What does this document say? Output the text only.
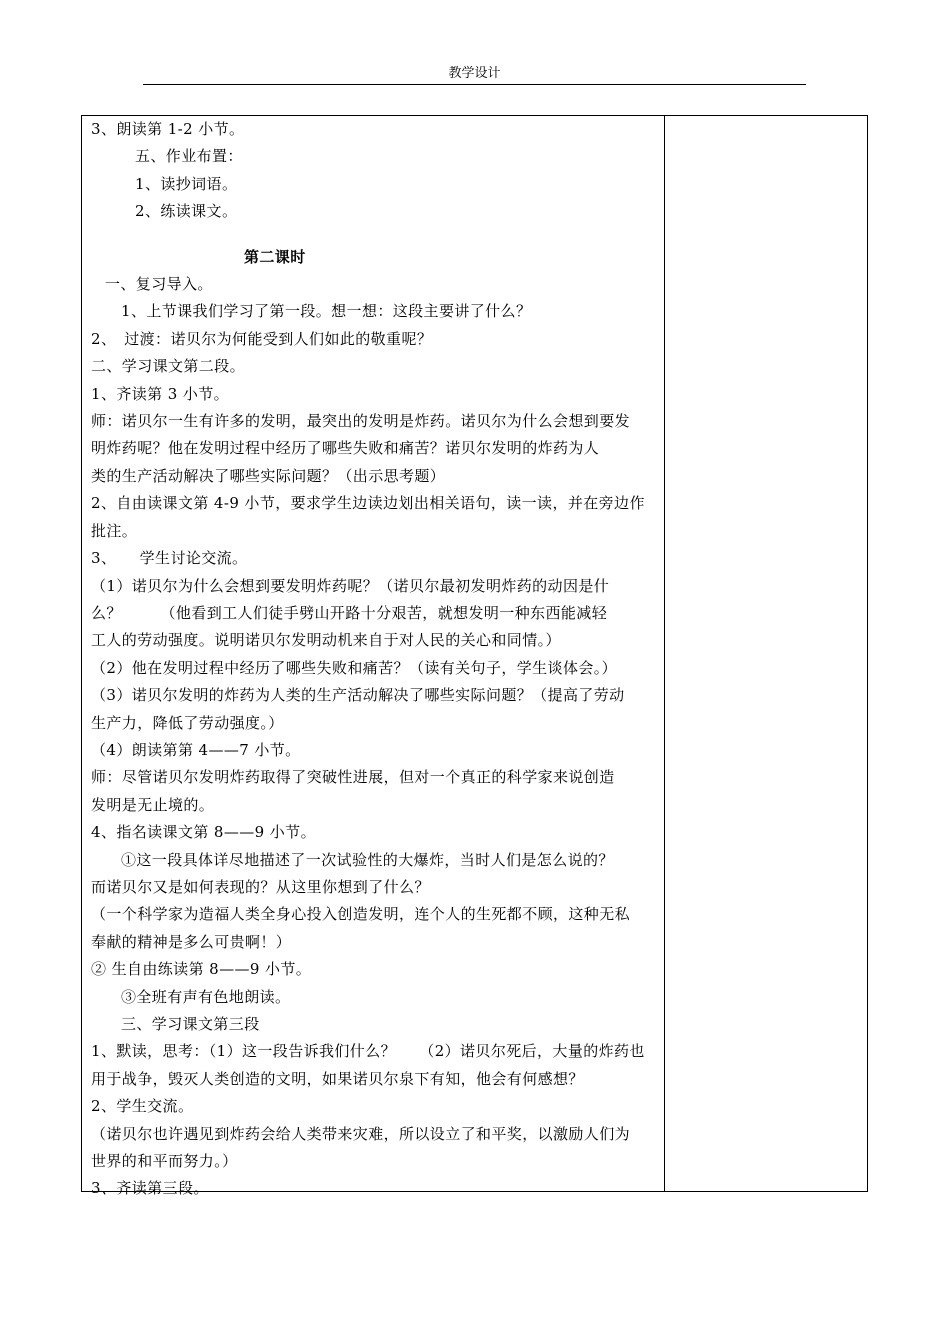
教学设计

3、朗读第 1-2 小节。

五、作业布置：

1、读抄词语。

2、练读课文。

第二课时

一、复习导入。

1、上节课我们学习了第一段。想一想：这段主要讲了什么？

2、　过渡：诺贝尔为何能受到人们如此的敬重呢？

二、学习课文第二段。

1、齐读第 3 小节。

师：诺贝尔一生有许多的发明，最突出的发明是炸药。诺贝尔为什么会想到要发

明炸药呢？他在发明过程中经历了哪些失败和痛苦？诺贝尔发明的炸药为人

类的生产活动解决了哪些实际问题？（出示思考题）

2、自由读课文第 4-9 小节，要求学生边读边划出相关语句，读一读，并在旁边作

批注。

3、　　学生讨论交流。

（1）诺贝尔为什么会想到要发明炸药呢？（诺贝尔最初发明炸药的动因是什

么？　　　（他看到工人们徒手劈山开路十分艰苦，就想发明一种东西能减轻

工人的劳动强度。说明诺贝尔发明动机来自于对人民的关心和同情。）

（2）他在发明过程中经历了哪些失败和痛苦？（读有关句子，学生谈体会。）

（3）诺贝尔发明的炸药为人类的生产活动解决了哪些实际问题？（提高了劳动

生产力，降低了劳动强度。）

（4）朗读第第 4——7 小节。

师：尽管诺贝尔发明炸药取得了突破性进展，但对一个真正的科学家来说创造

发明是无止境的。

4、指名读课文第 8——9 小节。

①这一段具体详尽地描述了一次试验性的大爆炸，当时人们是怎么说的？

而诺贝尔又是如何表现的？从这里你想到了什么？

（一个科学家为造福人类全身心投入创造发明，连个人的生死都不顾，这种无私

奉献的精神是多么可贵啊！）

② 生自由练读第 8——9 小节。

③全班有声有色地朗读。

三、学习课文第三段

1、默读，思考：（1）这一段告诉我们什么？　　（2）诺贝尔死后，大量的炸药也

用于战争，毁灭人类创造的文明，如果诺贝尔泉下有知，他会有何感想？

2、学生交流。

（诺贝尔也许遇见到炸药会给人类带来灾难，所以设立了和平奖，以激励人们为

世界的和平而努力。）

3、齐读第三段。
